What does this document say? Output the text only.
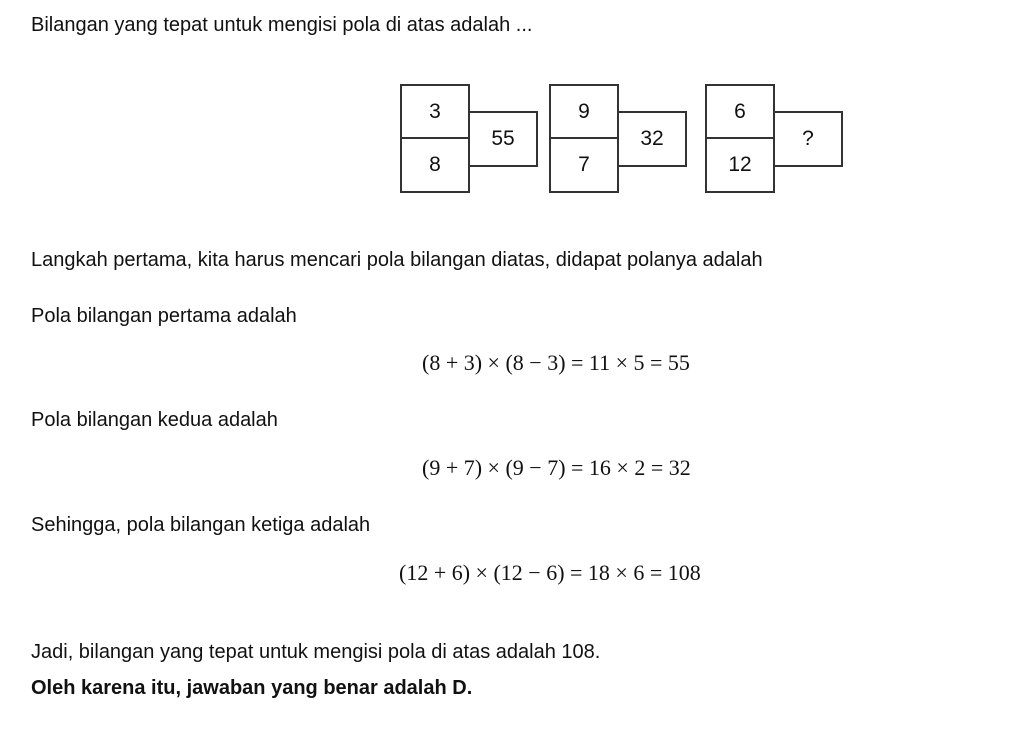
Bilangan yang tepat untuk mengisi pola di atas adalah ...
3
8
55
9
7
32
6
12
?
Langkah pertama, kita harus mencari pola bilangan diatas, didapat polanya adalah
Pola bilangan pertama adalah
(8 + 3) × (8 − 3) = 11 × 5 = 55
Pola bilangan kedua adalah
(9 + 7) × (9 − 7) = 16 × 2 = 32
Sehingga, pola bilangan ketiga adalah
(12 + 6) × (12 − 6) = 18 × 6 = 108
Jadi, bilangan yang tepat untuk mengisi pola di atas adalah 108.
Oleh karena itu, jawaban yang benar adalah D.
